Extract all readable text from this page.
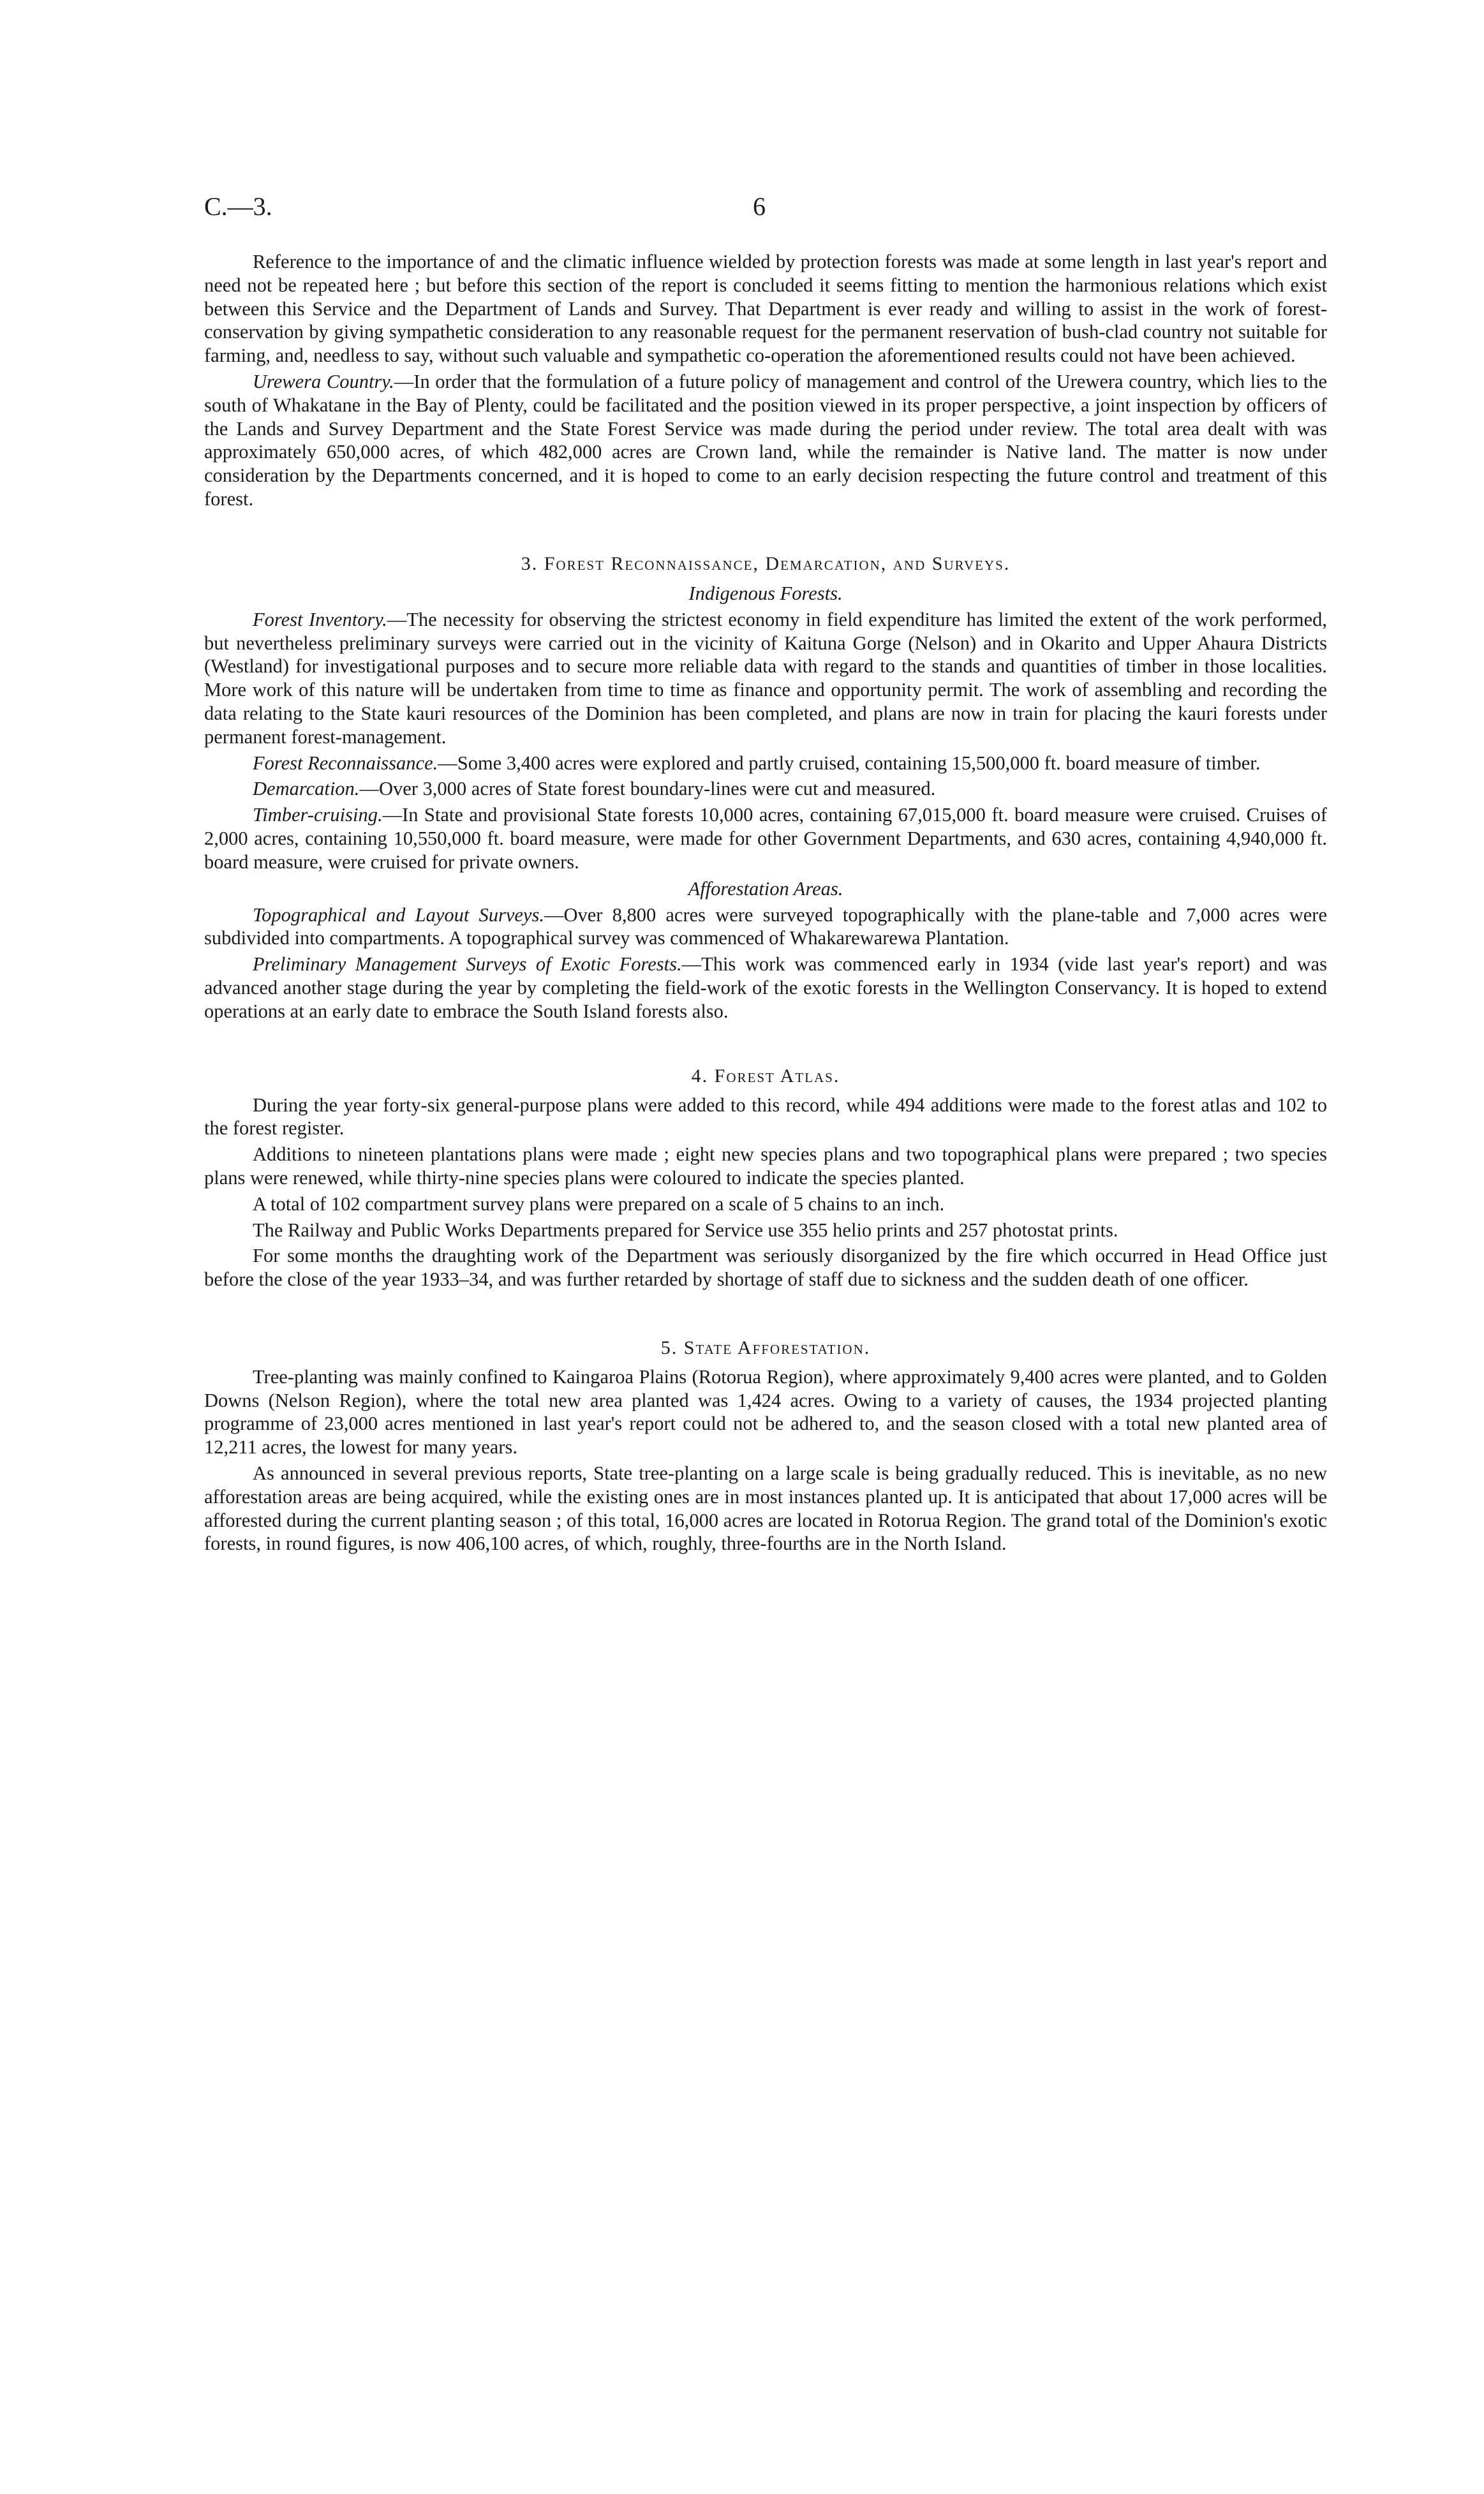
C.—3.	6

Reference to the importance of and the climatic influence wielded by protection forests was made at some length in last year's report and need not be repeated here ; but before this section of the report is concluded it seems fitting to mention the harmonious relations which exist between this Service and the Department of Lands and Survey. That Department is ever ready and willing to assist in the work of forest-conservation by giving sympathetic consideration to any reasonable request for the permanent reservation of bush-clad country not suitable for farming, and, needless to say, without such valuable and sympathetic co-operation the aforementioned results could not have been achieved.

Urewera Country.—In order that the formulation of a future policy of management and control of the Urewera country, which lies to the south of Whakatane in the Bay of Plenty, could be facilitated and the position viewed in its proper perspective, a joint inspection by officers of the Lands and Survey Department and the State Forest Service was made during the period under review. The total area dealt with was approximately 650,000 acres, of which 482,000 acres are Crown land, while the remainder is Native land. The matter is now under consideration by the Departments concerned, and it is hoped to come to an early decision respecting the future control and treatment of this forest.

3. Forest Reconnaissance, Demarcation, and Surveys.
Indigenous Forests.

Forest Inventory.—The necessity for observing the strictest economy in field expenditure has limited the extent of the work performed, but nevertheless preliminary surveys were carried out in the vicinity of Kaituna Gorge (Nelson) and in Okarito and Upper Ahaura Districts (Westland) for investigational purposes and to secure more reliable data with regard to the stands and quantities of timber in those localities. More work of this nature will be undertaken from time to time as finance and opportunity permit. The work of assembling and recording the data relating to the State kauri resources of the Dominion has been completed, and plans are now in train for placing the kauri forests under permanent forest-management.

Forest Reconnaissance.—Some 3,400 acres were explored and partly cruised, containing 15,500,000 ft. board measure of timber.

Demarcation.—Over 3,000 acres of State forest boundary-lines were cut and measured.

Timber-cruising.—In State and provisional State forests 10,000 acres, containing 67,015,000 ft. board measure were cruised. Cruises of 2,000 acres, containing 10,550,000 ft. board measure, were made for other Government Departments, and 630 acres, containing 4,940,000 ft. board measure, were cruised for private owners.

Afforestation Areas.

Topographical and Layout Surveys.—Over 8,800 acres were surveyed topographically with the plane-table and 7,000 acres were subdivided into compartments. A topographical survey was commenced of Whakarewarewa Plantation.

Preliminary Management Surveys of Exotic Forests.—This work was commenced early in 1934 (vide last year's report) and was advanced another stage during the year by completing the field-work of the exotic forests in the Wellington Conservancy. It is hoped to extend operations at an early date to embrace the South Island forests also.

4. Forest Atlas.

During the year forty-six general-purpose plans were added to this record, while 494 additions were made to the forest atlas and 102 to the forest register.

Additions to nineteen plantations plans were made ; eight new species plans and two topographical plans were prepared ; two species plans were renewed, while thirty-nine species plans were coloured to indicate the species planted.

A total of 102 compartment survey plans were prepared on a scale of 5 chains to an inch.

The Railway and Public Works Departments prepared for Service use 355 helio prints and 257 photostat prints.

For some months the draughting work of the Department was seriously disorganized by the fire which occurred in Head Office just before the close of the year 1933–34, and was further retarded by shortage of staff due to sickness and the sudden death of one officer.

5. State Afforestation.

Tree-planting was mainly confined to Kaingaroa Plains (Rotorua Region), where approximately 9,400 acres were planted, and to Golden Downs (Nelson Region), where the total new area planted was 1,424 acres. Owing to a variety of causes, the 1934 projected planting programme of 23,000 acres mentioned in last year's report could not be adhered to, and the season closed with a total new planted area of 12,211 acres, the lowest for many years.

As announced in several previous reports, State tree-planting on a large scale is being gradually reduced. This is inevitable, as no new afforestation areas are being acquired, while the existing ones are in most instances planted up. It is anticipated that about 17,000 acres will be afforested during the current planting season ; of this total, 16,000 acres are located in Rotorua Region. The grand total of the Dominion's exotic forests, in round figures, is now 406,100 acres, of which, roughly, three-fourths are in the North Island.
